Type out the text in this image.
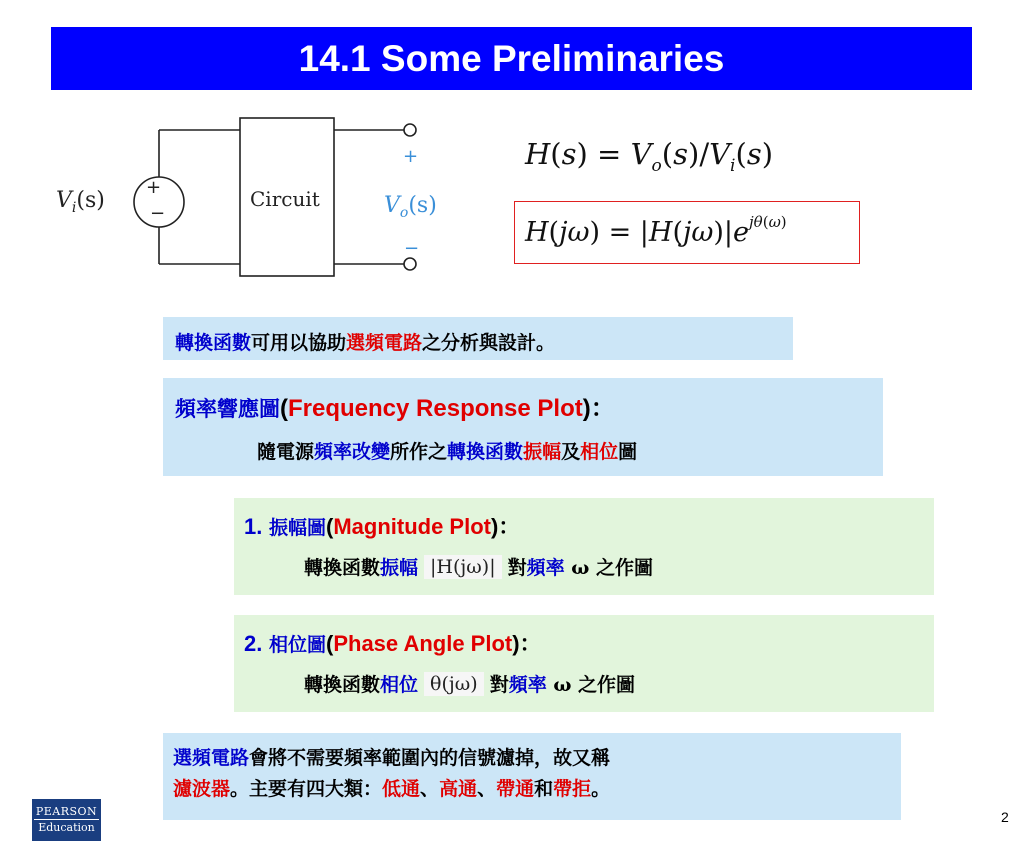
14.1 Some Preliminaries
+
−
$V_i(s)$	Circuit
+
−
$V_o(s)$
$H(s) = V_o(s)/V_i(s)$
$H(j\omega) = |H(j\omega)|e^{j\theta(\omega)}$
轉換函數可用以協助選頻電路之分析與設計。
頻率響應圖(Frequency Response Plot)：
隨電源頻率改變所作之轉換函數振幅及相位圖
1. 振幅圖(Magnitude Plot)：
轉換函數振幅 |H(jω)| 對頻率 ω 之作圖
2. 相位圖(Phase Angle Plot)：
轉換函數相位 θ(jω) 對頻率 ω 之作圖
選頻電路會將不需要頻率範圍內的信號濾掉，故又稱
濾波器。主要有四大類：低通、高通、帶通和帶拒。
PEARSON
Education
2
